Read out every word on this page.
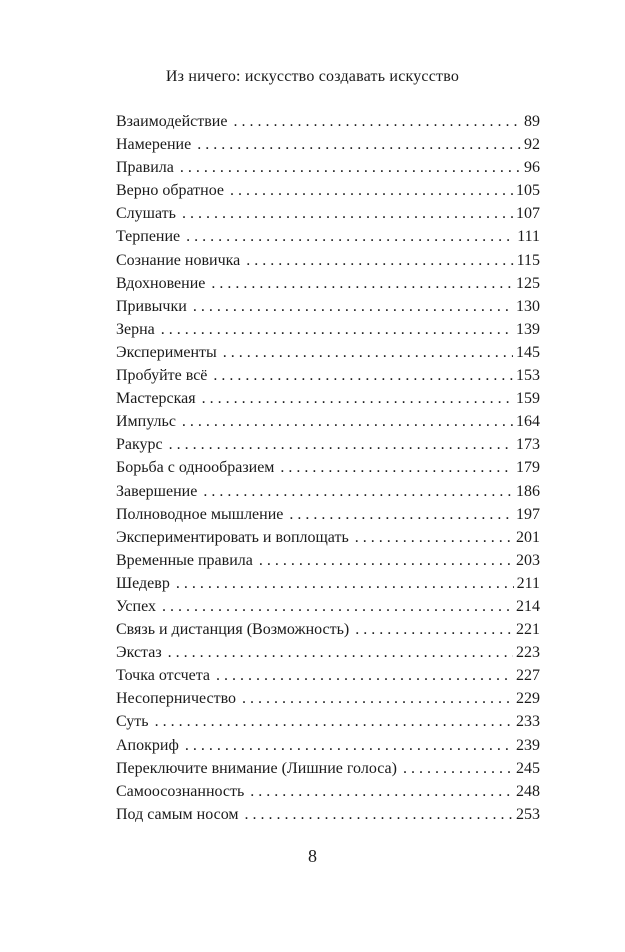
Из ничего: искусство создавать искусство
Взаимодействие . . .	89
Намерение . . .	92
Правила . . .	96
Верно обратное . . .	105
Слушать . . .	107
Терпение . . .	111
Сознание новичка . . .	115
Вдохновение . . .	125
Привычки . . .	130
Зерна . . .	139
Эксперименты . . .	145
Пробуйте всё . . .	153
Мастерская . . .	159
Импульс . . .	164
Ракурс . . .	173
Борьба с однообразием . . .	179
Завершение . . .	186
Полноводное мышление . . .	197
Экспериментировать и воплощать . . .	201
Временные правила . . .	203
Шедевр . . .	211
Успех . . .	214
Связь и дистанция (Возможность) . . .	221
Экстаз . . .	223
Точка отсчета . . .	227
Несоперничество . . .	229
Суть . . .	233
Апокриф . . .	239
Переключите внимание (Лишние голоса) . . .	245
Самоосознанность . . .	248
Под самым носом . . .	253
8
